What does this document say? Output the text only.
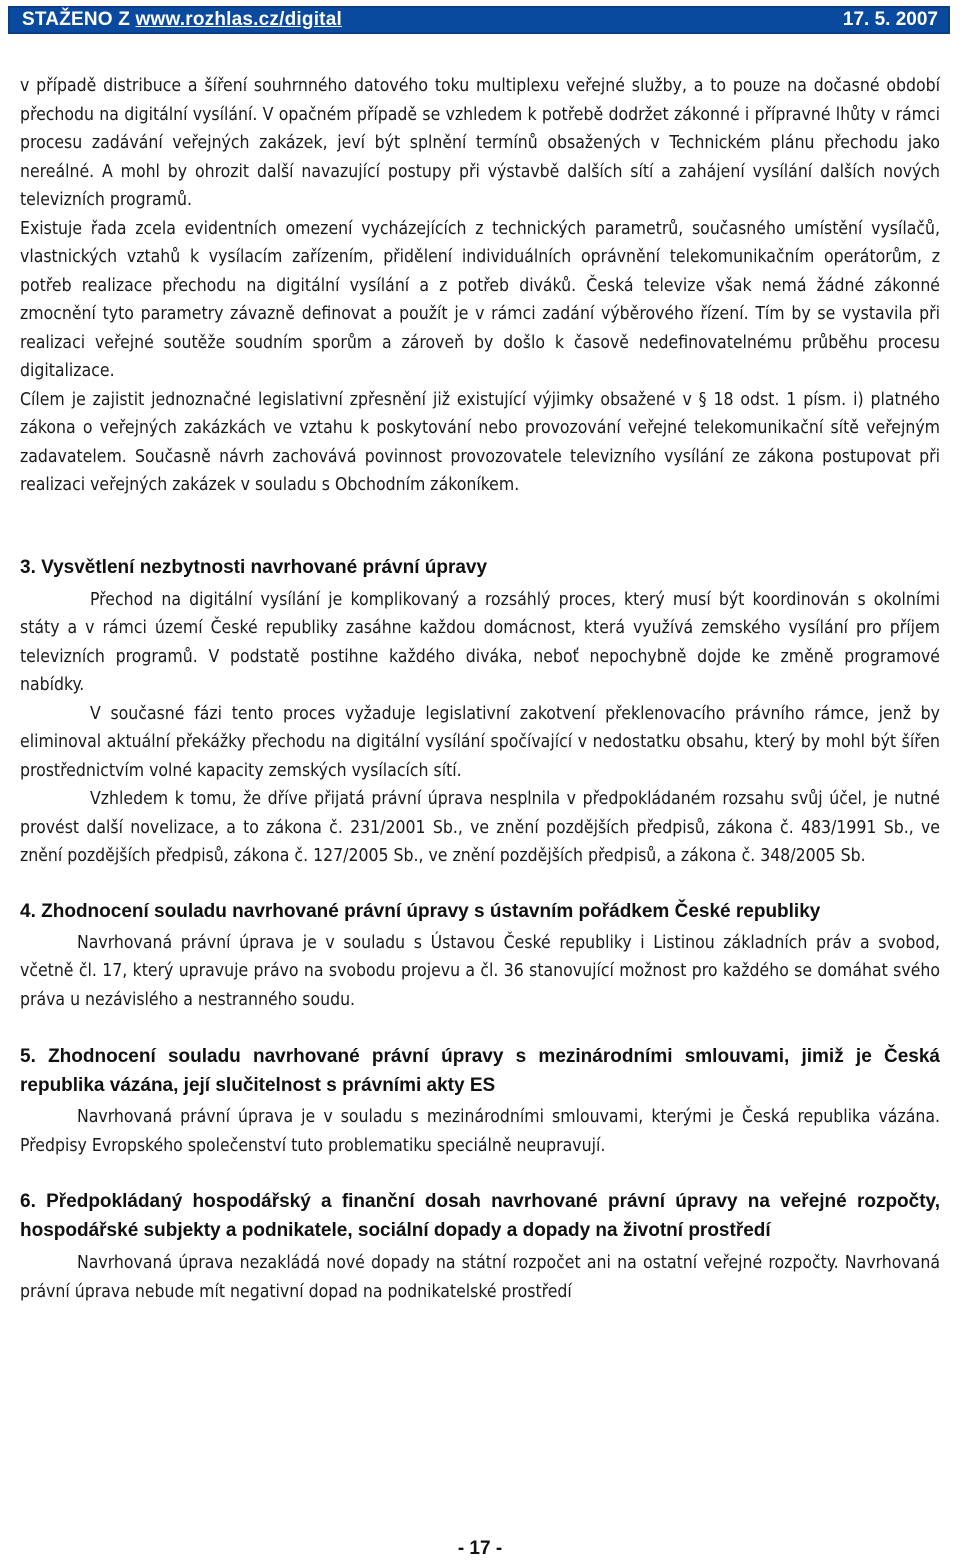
STAŽENO Z www.rozhlas.cz/digital	17. 5. 2007

v případě distribuce a šíření souhrnného datového toku multiplexu veřejné služby, a to pouze na dočasné období přechodu na digitální vysílání. V opačném případě se vzhledem k potřebě dodržet zákonné i přípravné lhůty v rámci procesu zadávání veřejných zakázek, jeví být splnění termínů obsažených v Technickém plánu přechodu jako nereálné. A mohl by ohrozit další navazující postupy při výstavbě dalších sítí a zahájení vysílání dalších nových televizních programů.

Existuje řada zcela evidentních omezení vycházejících z technických parametrů, současného umístění vysílačů, vlastnických vztahů k vysílacím zařízením, přidělení individuálních oprávnění telekomunikačním operátorům, z potřeb realizace přechodu na digitální vysílání a z potřeb diváků. Česká televize však nemá žádné zákonné zmocnění tyto parametry závazně definovat a použít je v rámci zadání výběrového řízení. Tím by se vystavila při realizaci veřejné soutěže soudním sporům a zároveň by došlo k časově nedefinovatelnému průběhu procesu digitalizace.

Cílem je zajistit jednoznačné legislativní zpřesnění již existující výjimky obsažené v § 18 odst. 1 písm. i) platného zákona o veřejných zakázkách ve vztahu k poskytování nebo provozování veřejné telekomunikační sítě veřejným zadavatelem. Současně návrh zachovává povinnost provozovatele televizního vysílání ze zákona postupovat při realizaci veřejných zakázek v souladu s Obchodním zákoníkem.

3. Vysvětlení nezbytnosti navrhované právní úpravy

Přechod na digitální vysílání je komplikovaný a rozsáhlý proces, který musí být koordinován s okolními státy a v rámci území České republiky zasáhne každou domácnost, která využívá zemského vysílání pro příjem televizních programů. V podstatě postihne každého diváka, neboť nepochybně dojde ke změně programové nabídky.

V současné fázi tento proces vyžaduje legislativní zakotvení překlenovacího právního rámce, jenž by eliminoval aktuální překážky přechodu na digitální vysílání spočívající v nedostatku obsahu, který by mohl být šířen prostřednictvím volné kapacity zemských vysílacích sítí.

Vzhledem k tomu, že dříve přijatá právní úprava nesplnila v předpokládaném rozsahu svůj účel, je nutné provést další novelizace, a to zákona č. 231/2001 Sb., ve znění pozdějších předpisů, zákona č. 483/1991 Sb., ve znění pozdějších předpisů, zákona č. 127/2005 Sb., ve znění pozdějších předpisů, a zákona č. 348/2005 Sb.

4. Zhodnocení souladu navrhované právní úpravy s ústavním pořádkem České republiky

Navrhovaná právní úprava je v souladu s Ústavou České republiky i Listinou základních práv a svobod, včetně čl. 17, který upravuje právo na svobodu projevu a čl. 36 stanovující možnost pro každého se domáhat svého práva u nezávislého a nestranného soudu.

5. Zhodnocení souladu navrhované právní úpravy s mezinárodními smlouvami, jimiž je Česká republika vázána, její slučitelnost s právními akty ES

Navrhovaná právní úprava je v souladu s mezinárodními smlouvami, kterými je Česká republika vázána. Předpisy Evropského společenství tuto problematiku speciálně neupravují.

6. Předpokládaný hospodářský a finanční dosah navrhované právní úpravy na veřejné rozpočty, hospodářské subjekty a podnikatele, sociální dopady a dopady na životní prostředí

Navrhovaná úprava nezakládá nové dopady na státní rozpočet ani na ostatní veřejné rozpočty. Navrhovaná právní úprava nebude mít negativní dopad na podnikatelské prostředí

- 17 -
